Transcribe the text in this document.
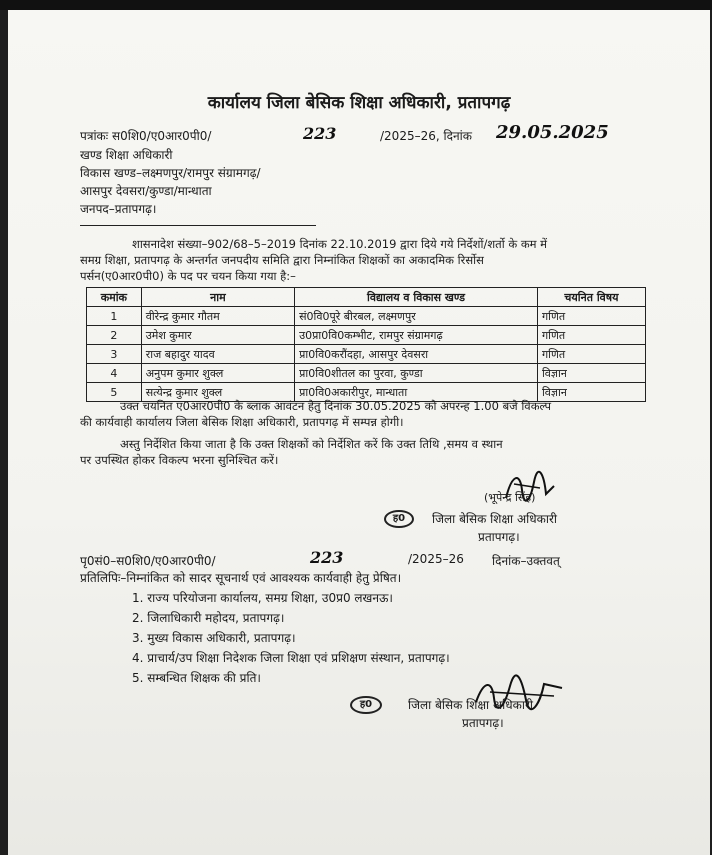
कार्यालय जिला बेसिक शिक्षा अधिकारी, प्रतापगढ़
पत्रांकः स0शि0/ए0आर0पी0/	223	/2025–26, दिनांक 29.05.2025
खण्ड शिक्षा अधिकारी
विकास खण्ड–लक्ष्मणपुर/रामपुर संग्रामगढ़/
आसपुर देवसरा/कुण्डा/मान्धाता
जनपद–प्रतापगढ़।
शासनादेश संख्या–902/68–5–2019 दिनांक 22.10.2019 द्वारा दिये गये निर्देशों/शर्तो के कम में
समग्र शिक्षा, प्रतापगढ़ के अन्तर्गत जनपदीय समिति द्वारा निम्नांकित शिक्षकों का अकादमिक रिर्सोस
पर्सन(ए0आर0पी0) के पद पर चयन किया गया है:–
कमांक	नाम	विद्यालय व विकास खण्ड	चयनित विषय
1	वीरेन्द्र कुमार गौतम	सं0वि0पूरे बीरबल, लक्ष्मणपुर	गणित
2	उमेश कुमार	उ0प्रा0वि0कम्भीट, रामपुर संग्रामगढ़	गणित
3	राज बहादुर यादव	प्रा0वि0करौंदहा, आसपुर देवसरा	गणित
4	अनुपम कुमार शुक्ल	प्रा0वि0शीतल का पुरवा, कुण्डा	विज्ञान
5	सत्येन्द्र कुमार शुक्ल	प्रा0वि0अकारीपुर, मान्धाता	विज्ञान
उक्त चयनित ए0आर0पी0 के ब्लाक आवंटन हेतु दिनांक 30.05.2025 को अपरन्ह 1.00 बजे विकल्प
की कार्यवाही कार्यालय जिला बेसिक शिक्षा अधिकारी, प्रतापगढ़ में सम्पन्न होगी।
अस्तु निर्देशित किया जाता है कि उक्त शिक्षकों को निर्देशित करें कि उक्त तिथि ,समय व स्थान
पर उपस्थित होकर विकल्प भरना सुनिश्चित करें।
(भूपेन्द्र सिंह)
ह0	जिला बेसिक शिक्षा अधिकारी
प्रतापगढ़।
पृ0सं0–स0शि0/ए0आर0पी0/	223	/2025–26 दिनांक–उक्तवत्
प्रतिलिपिः–निम्नांकित को सादर सूचनार्थ एवं आवश्यक कार्यवाही हेतु प्रेषित।
1. राज्य परियोजना कार्यालय, समग्र शिक्षा, उ0प्र0 लखनऊ।
2. जिलाधिकारी महोदय, प्रतापगढ़।
3. मुख्य विकास अधिकारी, प्रतापगढ़।
4. प्राचार्य/उप शिक्षा निदेशक जिला शिक्षा एवं प्रशिक्षण संस्थान, प्रतापगढ़।
5. सम्बन्धित शिक्षक की प्रति।
ह0	जिला बेसिक शिक्षा अधिकारी
प्रतापगढ़।
